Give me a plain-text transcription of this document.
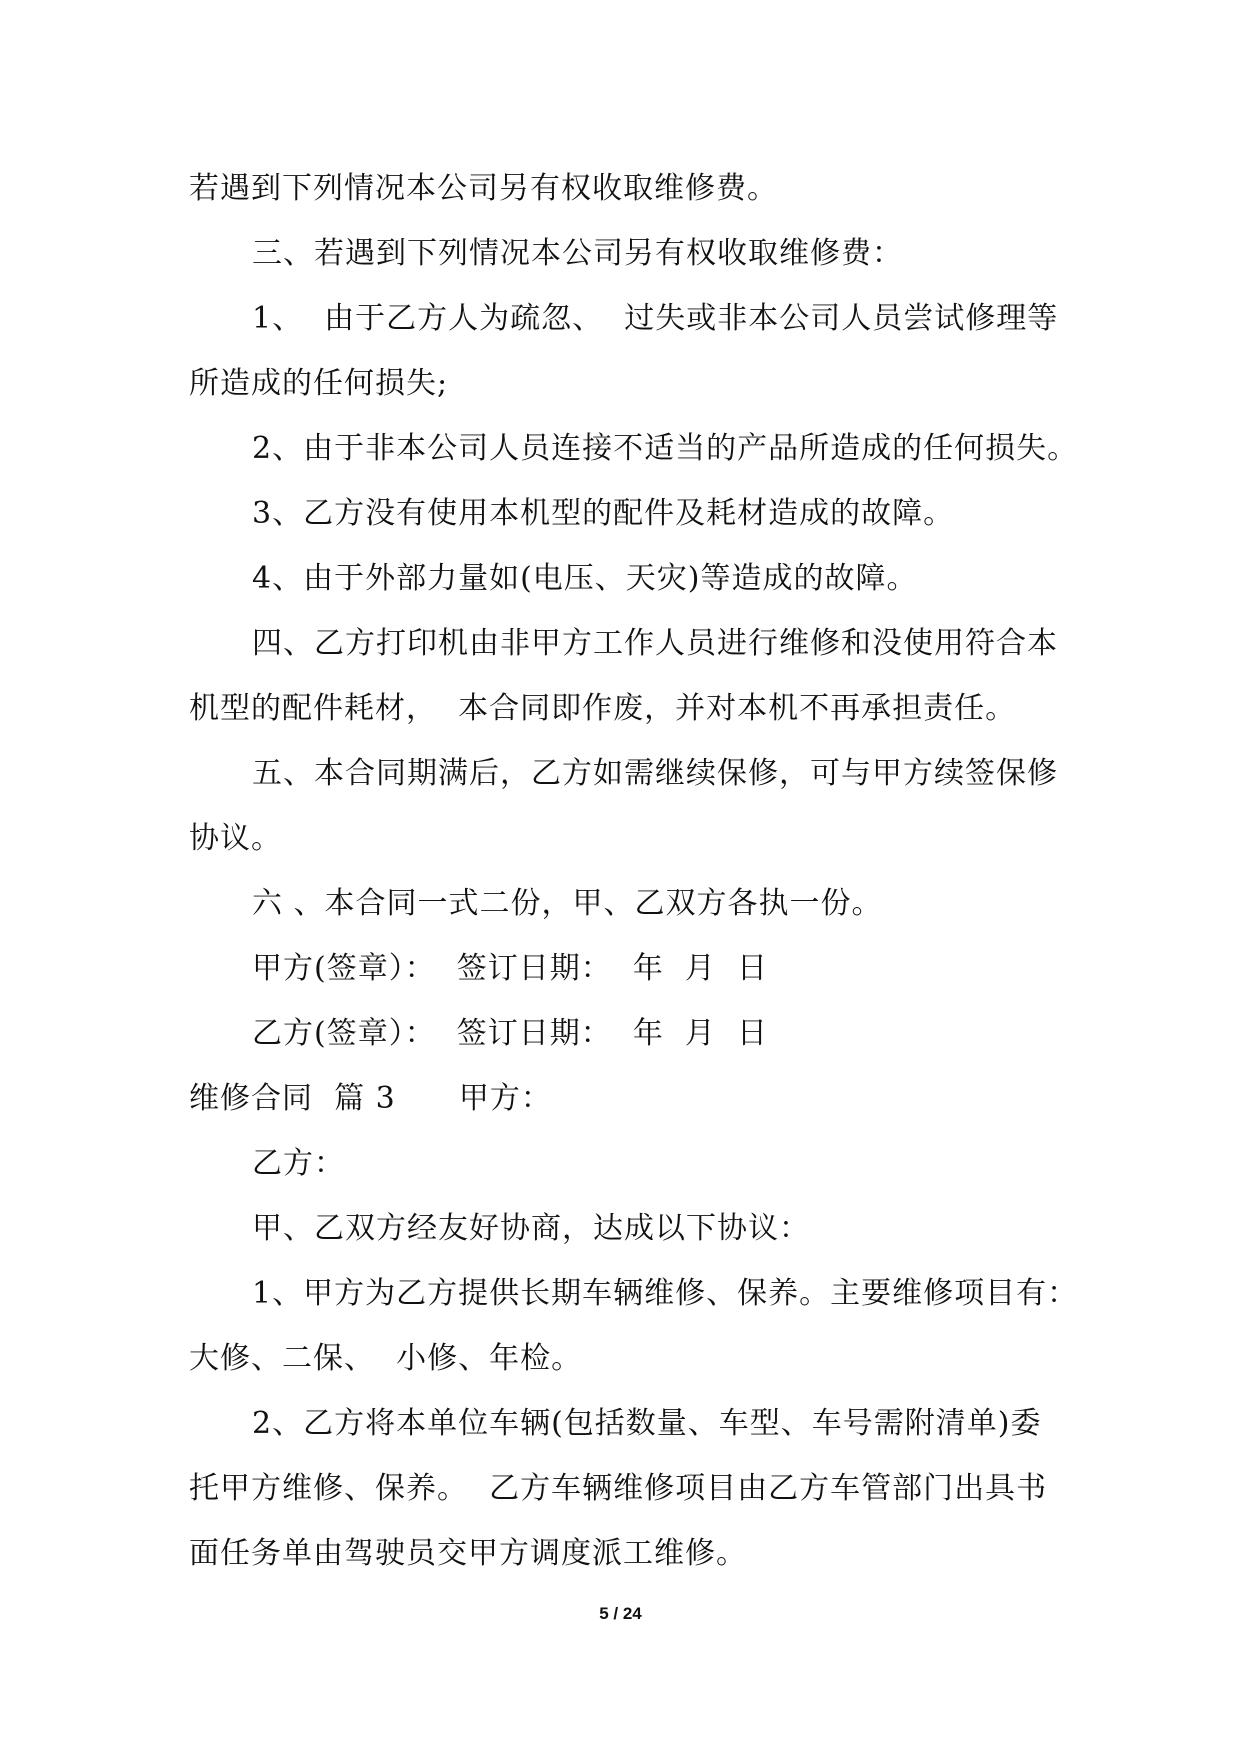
若遇到下列情况本公司另有权收取维修费。
三、若遇到下列情况本公司另有权收取维修费：
1、  由于乙方人为疏忽、  过失或非本公司人员尝试修理等
所造成的任何损失;
2、由于非本公司人员连接不适当的产品所造成的任何损失。
3、乙方没有使用本机型的配件及耗材造成的故障。
4、由于外部力量如(电压、天灾)等造成的故障。
四、乙方打印机由非甲方工作人员进行维修和没使用符合本
机型的配件耗材，  本合同即作废，并对本机不再承担责任。
五、本合同期满后，乙方如需继续保修，可与甲方续签保修
协议。
六 、本合同一式二份，甲、乙双方各执一份。
甲方(签章）：  签订日期：  年  月  日
乙方(签章）：  签订日期：  年  月  日
维修合同  篇 3      甲方：
乙方：
甲、乙双方经友好协商，达成以下协议：
1、甲方为乙方提供长期车辆维修、保养。主要维修项目有：
大修、二保、  小修、年检。
2、乙方将本单位车辆(包括数量、车型、车号需附清单)委
托甲方维修、保养。  乙方车辆维修项目由乙方车管部门出具书
面任务单由驾驶员交甲方调度派工维修。
5 / 24
